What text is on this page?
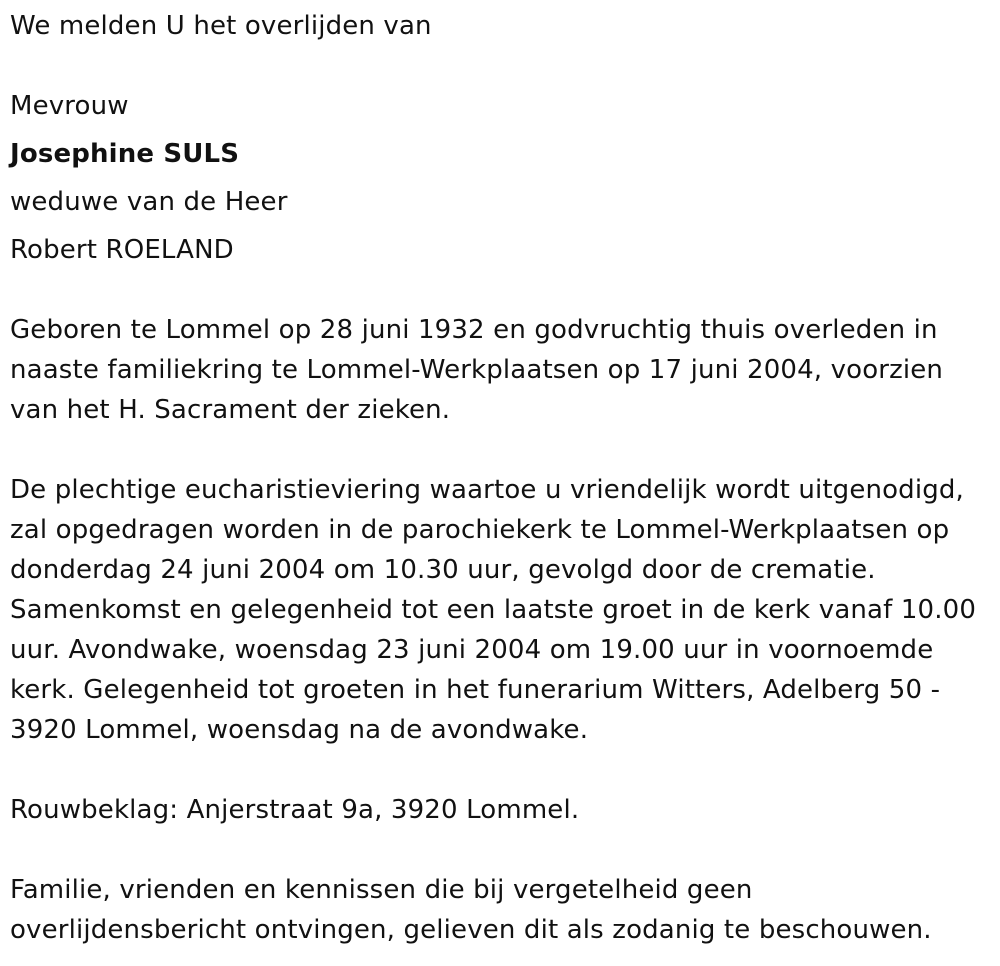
We melden U het overlijden van
Mevrouw
Josephine SULS
weduwe van de Heer
Robert ROELAND
Geboren te Lommel op 28 juni 1932 en godvruchtig thuis overleden in
naaste familiekring te Lommel-Werkplaatsen op 17 juni 2004, voorzien
van het H. Sacrament der zieken.
De plechtige eucharistieviering waartoe u vriendelijk wordt uitgenodigd,
zal opgedragen worden in de parochiekerk te Lommel-Werkplaatsen op
donderdag 24 juni 2004 om 10.30 uur, gevolgd door de crematie.
Samenkomst en gelegenheid tot een laatste groet in de kerk vanaf 10.00
uur. Avondwake, woensdag 23 juni 2004 om 19.00 uur in voornoemde
kerk. Gelegenheid tot groeten in het funerarium Witters, Adelberg 50 -
3920 Lommel, woensdag na de avondwake.
Rouwbeklag: Anjerstraat 9a, 3920 Lommel.
Familie, vrienden en kennissen die bij vergetelheid geen
overlijdensbericht ontvingen, gelieven dit als zodanig te beschouwen.
